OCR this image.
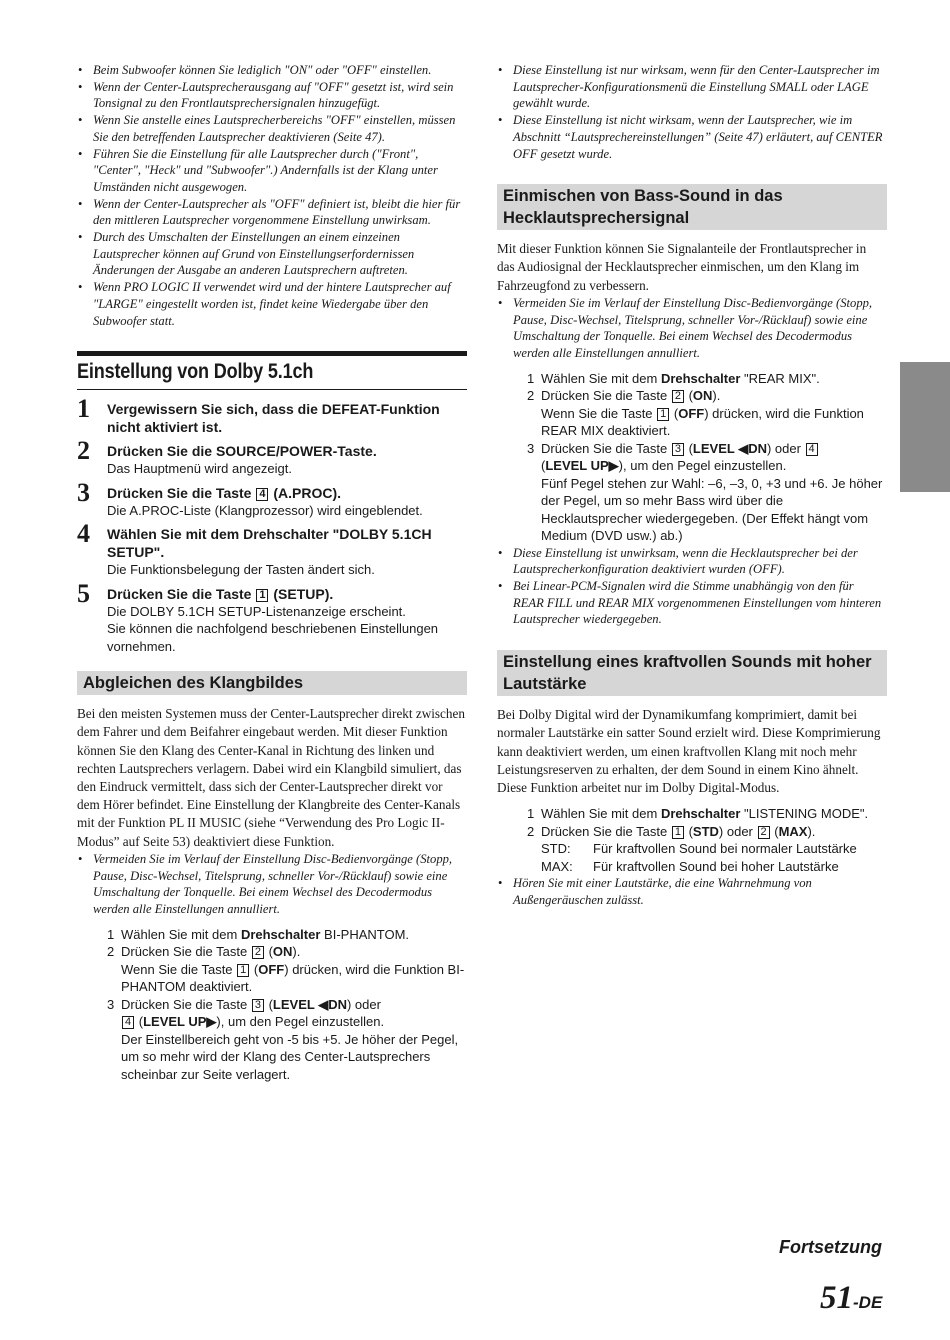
• Beim Subwoofer können Sie lediglich "ON" oder "OFF" einstellen.
• Wenn der Center-Lautsprecherausgang auf "OFF" gesetzt ist, wird sein Tonsignal zu den Frontlautsprechersignalen hinzugefügt.
• Wenn Sie anstelle eines Lautsprecherbereichs "OFF" einstellen, müssen Sie den betreffenden Lautsprecher deaktivieren (Seite 47).
• Führen Sie die Einstellung für alle Lautsprecher durch ("Front", "Center", "Heck" und "Subwoofer".) Andernfalls ist der Klang unter Umständen nicht ausgewogen.
• Wenn der Center-Lautsprecher als "OFF" definiert ist, bleibt die hier für den mittleren Lautsprecher vorgenommene Einstellung unwirksam.
• Durch des Umschalten der Einstellungen an einem einzeinen Lautsprecher können auf Grund von Einstellungserfordernissen Änderungen der Ausgabe an anderen Lautsprechern auftreten.
• Wenn PRO LOGIC II verwendet wird und der hintere Lautsprecher auf "LARGE" eingestellt worden ist, findet keine Wiedergabe über den Subwoofer statt.
Einstellung von Dolby 5.1ch
1 Vergewissern Sie sich, dass die DEFEAT-Funktion nicht aktiviert ist.
2 Drücken Sie die SOURCE/POWER-Taste.
Das Hauptmenü wird angezeigt.
3 Drücken Sie die Taste 4 (A.PROC).
Die A.PROC-Liste (Klangprozessor) wird eingeblendet.
4 Wählen Sie mit dem Drehschalter "DOLBY 5.1CH SETUP".
Die Funktionsbelegung der Tasten ändert sich.
5 Drücken Sie die Taste 1 (SETUP).
Die DOLBY 5.1CH SETUP-Listenanzeige erscheint.
Sie können die nachfolgend beschriebenen Einstellungen vornehmen.
Abgleichen des Klangbildes
Bei den meisten Systemen muss der Center-Lautsprecher direkt zwischen dem Fahrer und dem Beifahrer eingebaut werden. Mit dieser Funktion können Sie den Klang des Center-Kanal in Richtung des linken und rechten Lautsprechers verlagern. Dabei wird ein Klangbild simuliert, das den Eindruck vermittelt, dass sich der Center-Lautsprecher direkt vor dem Hörer befindet. Eine Einstellung der Klangbreite des Center-Kanals mit der Funktion PL II MUSIC (siehe “Verwendung des Pro Logic II-Modus” auf Seite 53) deaktiviert diese Funktion.
• Vermeiden Sie im Verlauf der Einstellung Disc-Bedienvorgänge (Stopp, Pause, Disc-Wechsel, Titelsprung, schneller Vor-/Rücklauf) sowie eine Umschaltung der Tonquelle. Bei einem Wechsel des Decodermodus werden alle Einstellungen annulliert.
1 Wählen Sie mit dem Drehschalter BI-PHANTOM.
2 Drücken Sie die Taste 2 (ON).
Wenn Sie die Taste 1 (OFF) drücken, wird die Funktion BI-PHANTOM deaktiviert.
3 Drücken Sie die Taste 3 (LEVEL ◀DN) oder
4 (LEVEL UP▶), um den Pegel einzustellen.
Der Einstellbereich geht von -5 bis +5. Je höher der Pegel, um so mehr wird der Klang des Center-Lautsprechers scheinbar zur Seite verlagert.
• Diese Einstellung ist nur wirksam, wenn für den Center-Lautsprecher im Lautsprecher-Konfigurationsmenü die Einstellung SMALL oder LAGE gewählt wurde.
• Diese Einstellung ist nicht wirksam, wenn der Lautsprecher, wie im Abschnitt “Lautsprechereinstellungen” (Seite 47) erläutert, auf CENTER OFF gesetzt wurde.
Einmischen von Bass-Sound in das Hecklautsprechersignal
Mit dieser Funktion können Sie Signalanteile der Frontlautsprecher in das Audiosignal der Hecklautsprecher einmischen, um den Klang im Fahrzeugfond zu verbessern.
• Vermeiden Sie im Verlauf der Einstellung Disc-Bedienvorgänge (Stopp, Pause, Disc-Wechsel, Titelsprung, schneller Vor-/Rücklauf) sowie eine Umschaltung der Tonquelle. Bei einem Wechsel des Decodermodus werden alle Einstellungen annulliert.
1 Wählen Sie mit dem Drehschalter "REAR MIX".
2 Drücken Sie die Taste 2 (ON).
Wenn Sie die Taste 1 (OFF) drücken, wird die Funktion REAR MIX deaktiviert.
3 Drücken Sie die Taste 3 (LEVEL ◀DN) oder 4
(LEVEL UP▶), um den Pegel einzustellen.
Fünf Pegel stehen zur Wahl: –6, –3, 0, +3 und +6. Je höher der Pegel, um so mehr Bass wird über die Hecklautsprecher wiedergegeben. (Der Effekt hängt vom Medium (DVD usw.) ab.)
• Diese Einstellung ist unwirksam, wenn die Hecklautsprecher bei der Lautsprecherkonfiguration deaktiviert wurden (OFF).
• Bei Linear-PCM-Signalen wird die Stimme unabhängig von den für REAR FILL und REAR MIX vorgenommenen Einstellungen vom hinteren Lautsprecher wiedergegeben.
Einstellung eines kraftvollen Sounds mit hoher Lautstärke
Bei Dolby Digital wird der Dynamikumfang komprimiert, damit bei normaler Lautstärke ein satter Sound erzielt wird. Diese Komprimierung kann deaktiviert werden, um einen kraftvollen Klang mit noch mehr Leistungsreserven zu erhalten, der dem Sound in einem Kino ähnelt.
Diese Funktion arbeitet nur im Dolby Digital-Modus.
1 Wählen Sie mit dem Drehschalter "LISTENING MODE".
2 Drücken Sie die Taste 1 (STD) oder 2 (MAX).
STD:	Für kraftvollen Sound bei normaler Lautstärke
MAX:	Für kraftvollen Sound bei hoher Lautstärke
• Hören Sie mit einer Lautstärke, die eine Wahrnehmung von Außengeräuschen zulässt.
Fortsetzung
51-DE
